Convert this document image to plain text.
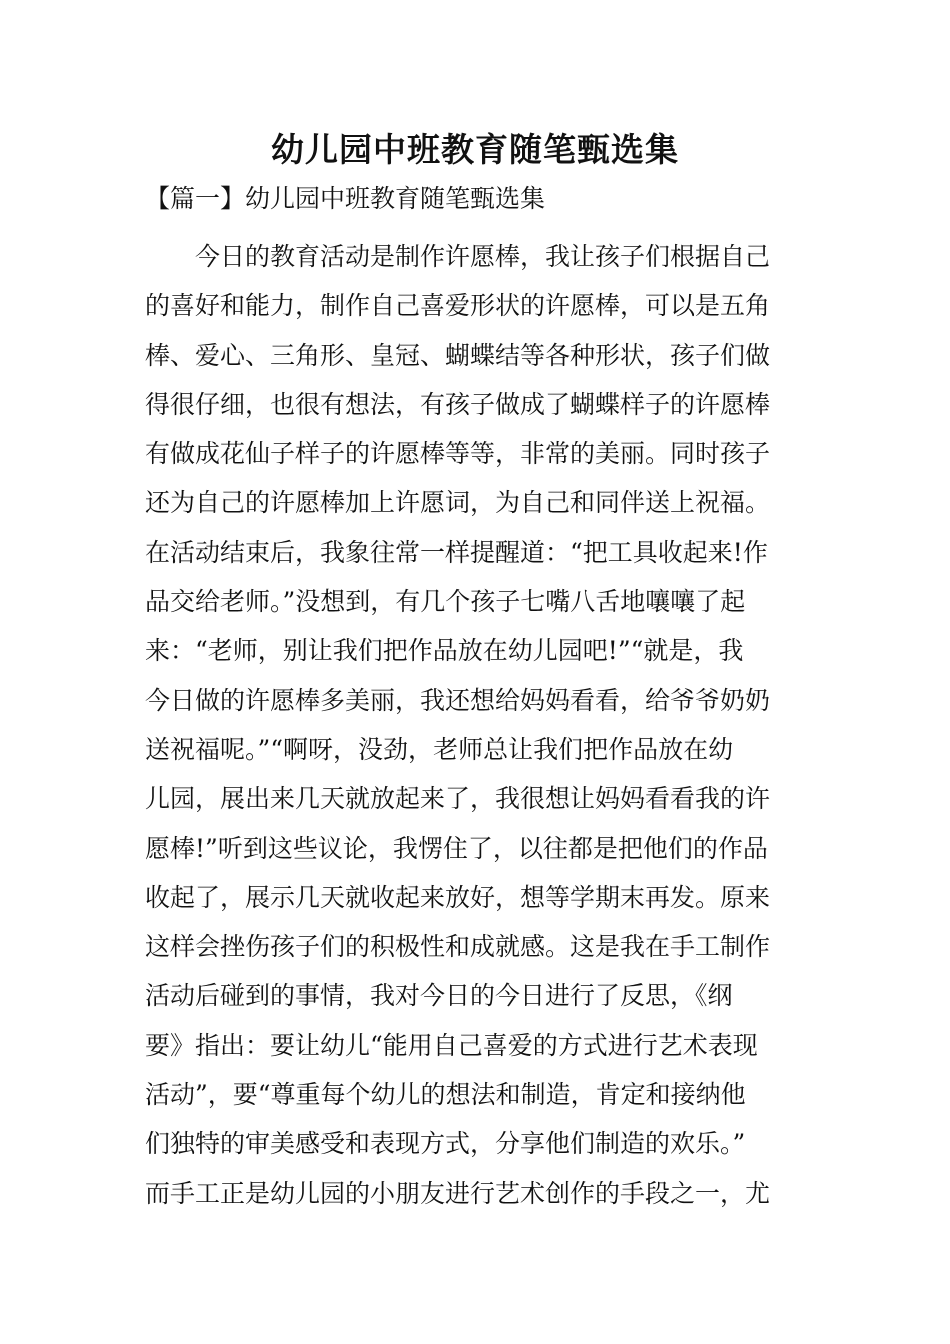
幼儿园中班教育随笔甄选集
【篇一】幼儿园中班教育随笔甄选集
　　今日的教育活动是制作许愿棒，我让孩子们根据自己
的喜好和能力，制作自己喜爱形状的许愿棒，可以是五角
棒、爱心、三角形、皇冠、蝴蝶结等各种形状，孩子们做
得很仔细，也很有想法，有孩子做成了蝴蝶样子的许愿棒
有做成花仙子样子的许愿棒等等，非常的美丽。同时孩子
还为自己的许愿棒加上许愿词，为自己和同伴送上祝福。
在活动结束后，我象往常一样提醒道：“把工具收起来!作
品交给老师。”没想到，有几个孩子七嘴八舌地嚷嚷了起
来：“老师，别让我们把作品放在幼儿园吧!”“就是，我
今日做的许愿棒多美丽，我还想给妈妈看看，给爷爷奶奶
送祝福呢。”“啊呀，没劲，老师总让我们把作品放在幼
儿园，展出来几天就放起来了，我很想让妈妈看看我的许
愿棒!”听到这些议论，我愣住了，以往都是把他们的作品
收起了，展示几天就收起来放好，想等学期末再发。原来
这样会挫伤孩子们的积极性和成就感。这是我在手工制作
活动后碰到的事情，我对今日的今日进行了反思，《纲
要》指出：要让幼儿“能用自己喜爱的方式进行艺术表现
活动”，要“尊重每个幼儿的想法和制造，肯定和接纳他
们独特的审美感受和表现方式，分享他们制造的欢乐。”
而手工正是幼儿园的小朋友进行艺术创作的手段之一，尤
